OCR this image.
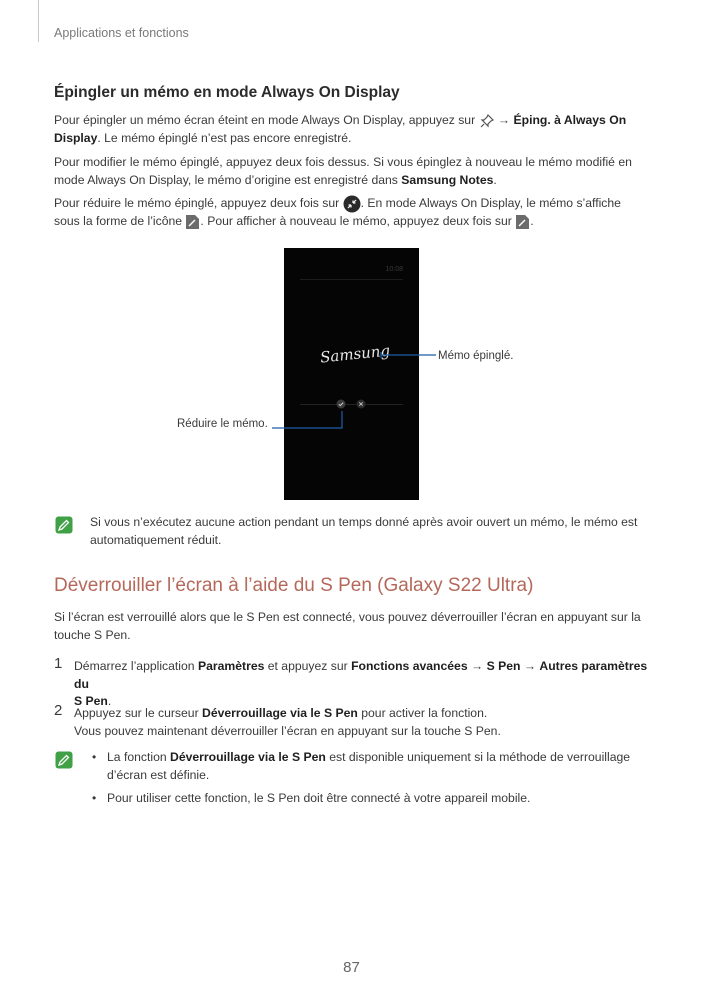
Applications et fonctions
Épingler un mémo en mode Always On Display
Pour épingler un mémo écran éteint en mode Always On Display, appuyez sur  → Éping. à Always On
Display. Le mémo épinglé n’est pas encore enregistré.
Pour modifier le mémo épinglé, appuyez deux fois dessus. Si vous épinglez à nouveau le mémo modifié en
mode Always On Display, le mémo d’origine est enregistré dans Samsung Notes.
Pour réduire le mémo épinglé, appuyez deux fois sur . En mode Always On Display, le mémo s’affiche
sous la forme de l’icône . Pour afficher à nouveau le mémo, appuyez deux fois sur .
10:08
Samsung	Mémo épinglé.
Réduire le mémo.
Si vous n’exécutez aucune action pendant un temps donné après avoir ouvert un mémo, le mémo est
automatiquement réduit.
Déverrouiller l’écran à l’aide du S Pen (Galaxy S22 Ultra)
Si l’écran est verrouillé alors que le S Pen est connecté, vous pouvez déverrouiller l’écran en appuyant sur la
touche S Pen.
1 Démarrez l’application Paramètres et appuyez sur Fonctions avancées → S Pen → Autres paramètres du
S Pen.
2 Appuyez sur le curseur Déverrouillage via le S Pen pour activer la fonction.
Vous pouvez maintenant déverrouiller l’écran en appuyant sur la touche S Pen.
• La fonction Déverrouillage via le S Pen est disponible uniquement si la méthode de verrouillage
d’écran est définie.
• Pour utiliser cette fonction, le S Pen doit être connecté à votre appareil mobile.
87
